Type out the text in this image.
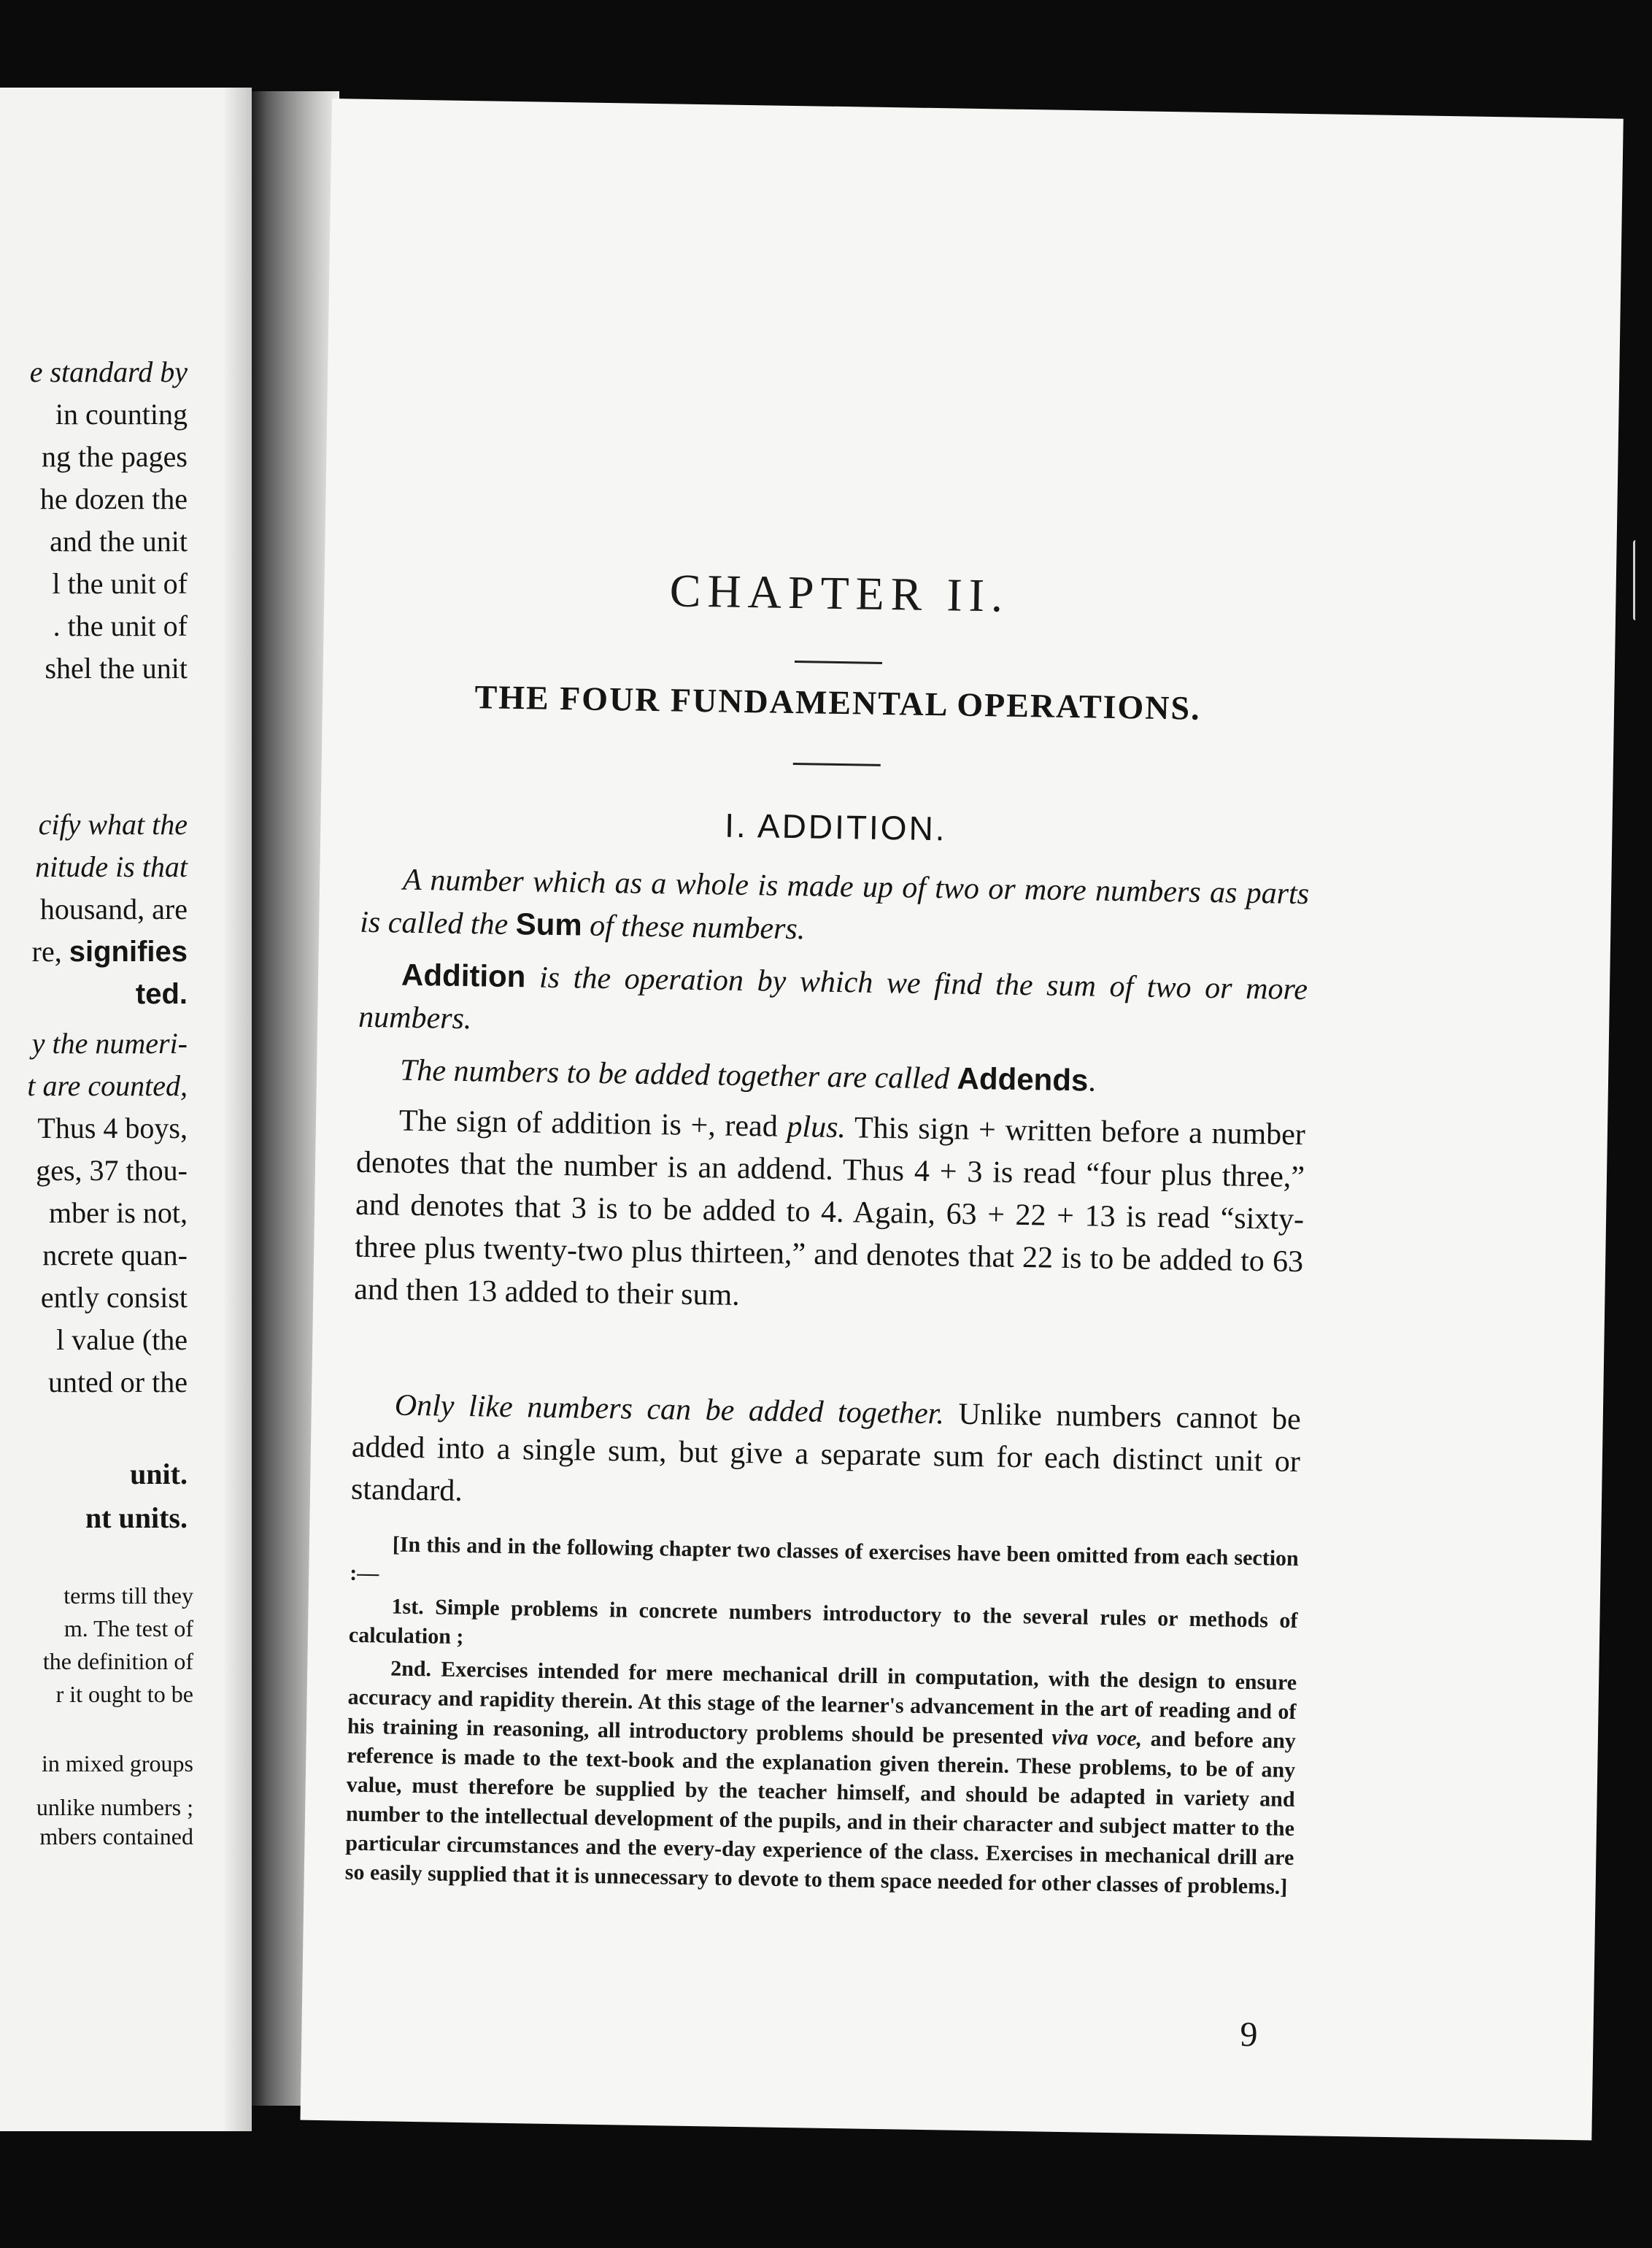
e standard by
in counting
ng the pages
he dozen the
and the unit
l the unit of
. the unit of
shel the unit
cify what the
nitude is that
housand, are
re, signifies
ted.
y the numeri-
t are counted,
Thus 4 boys,
ges, 37 thou-
mber is not,
ncrete quan-
ently consist
l value (the
unted or the
unit.
nt units.
terms till they
m. The test of
the definition of
r it ought to be
in mixed groups
unlike numbers ;
mbers contained
CHAPTER II.
THE FOUR FUNDAMENTAL OPERATIONS.
I. ADDITION.
A number which as a whole is made up of two or more numbers as parts is called the Sum of these numbers.
Addition is the operation by which we find the sum of two or more numbers.
The numbers to be added together are called Addends.
The sign of addition is +, read plus. This sign + written before a number denotes that the number is an addend. Thus 4 + 3 is read “four plus three,” and denotes that 3 is to be added to 4. Again, 63 + 22 + 13 is read “sixty-three plus twenty-two plus thirteen,” and denotes that 22 is to be added to 63 and then 13 added to their sum.
Only like numbers can be added together. Unlike numbers cannot be added into a single sum, but give a separate sum for each distinct unit or standard.
[In this and in the following chapter two classes of exercises have been omitted from each section :—
1st. Simple problems in concrete numbers introductory to the several rules or methods of calculation ;
2nd. Exercises intended for mere mechanical drill in computation, with the design to ensure accuracy and rapidity therein. At this stage of the learner's advancement in the art of reading and of his training in reasoning, all introductory problems should be presented viva voce, and before any reference is made to the text-book and the explanation given therein. These problems, to be of any value, must therefore be supplied by the teacher himself, and should be adapted in variety and number to the intellectual development of the pupils, and in their character and subject matter to the particular circumstances and the every-day experience of the class. Exercises in mechanical drill are so easily supplied that it is unnecessary to devote to them space needed for other classes of problems.]
9
